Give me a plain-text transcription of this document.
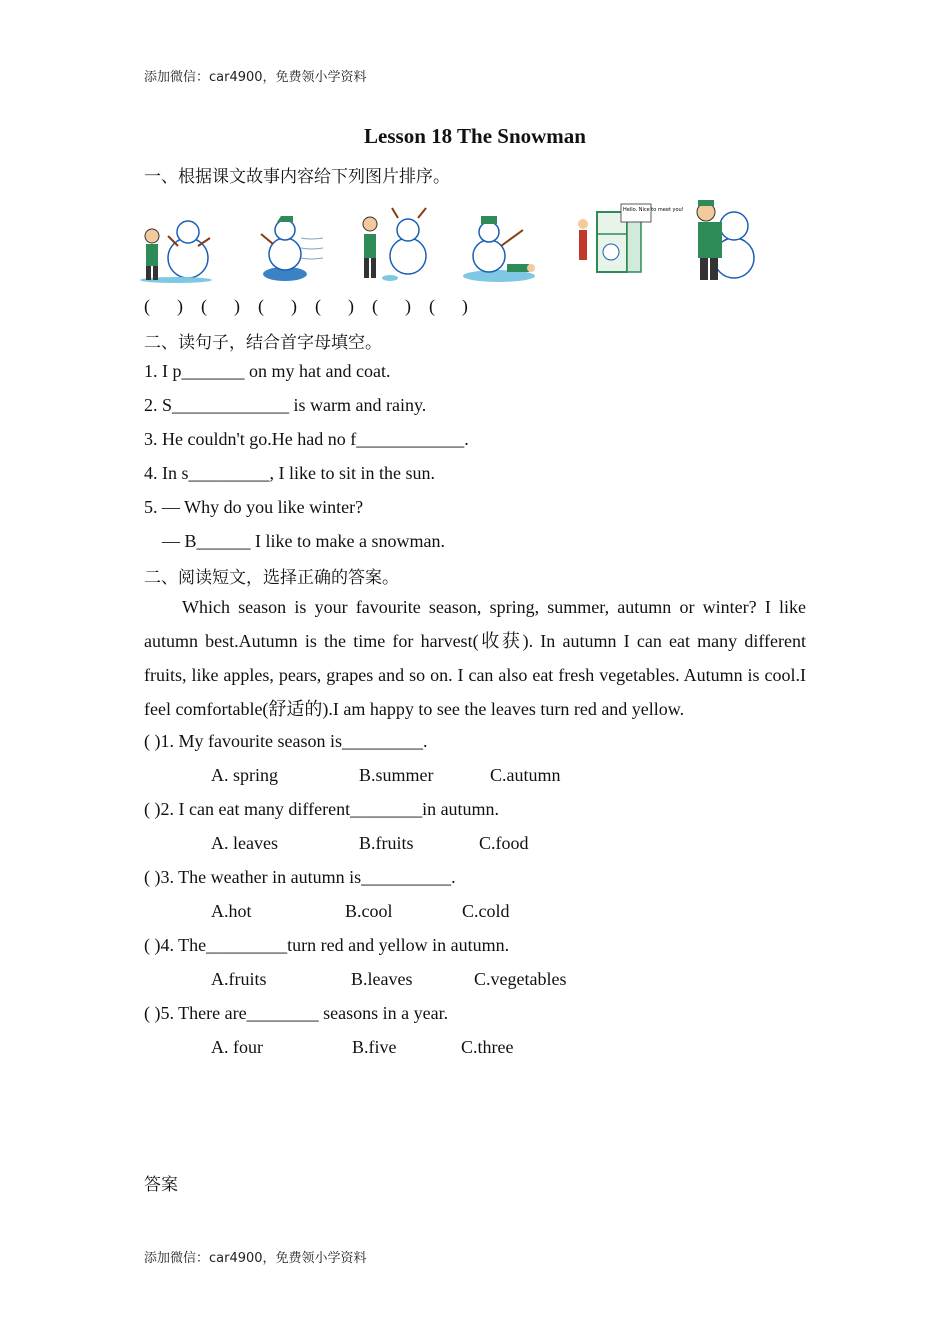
添加微信：car4900，免费领小学资料
Lesson 18 The Snowman
一、根据课文故事内容给下列图片排序。
Hello. Nice to meet you!
(      )    (      )    (      )    (      )    (      )    (      )
二、读句子，结合首字母填空。
1. I p_______ on my hat and coat.
2. S_____________ is warm and rainy.
3. He couldn't go.He had no f____________.
4. In s_________, I like to sit in the sun.
5. — Why do you like winter?
— B______ I like to make a snowman.
二、阅读短文，选择正确的答案。
Which season is your favourite season, spring, summer, autumn or winter? I like autumn best.Autumn is the time for harvest(收获). In autumn I can eat many different fruits, like apples, pears, grapes and so on. I can also eat fresh vegetables. Autumn is cool.I feel comfortable(舒适的).I am happy to see the leaves turn red and yellow.
( )1. My favourite season is_________.
A. spring	B.summer	C.autumn
( )2. I can eat many different________in autumn.
A. leaves	B.fruits	C.food
( )3. The weather in autumn is__________.
A.hot	B.cool	C.cold
( )4. The_________turn red and yellow in autumn.
A.fruits	B.leaves	C.vegetables
( )5. There are________ seasons in a year.
A. four	B.five	C.three
答案
添加微信：car4900，免费领小学资料
